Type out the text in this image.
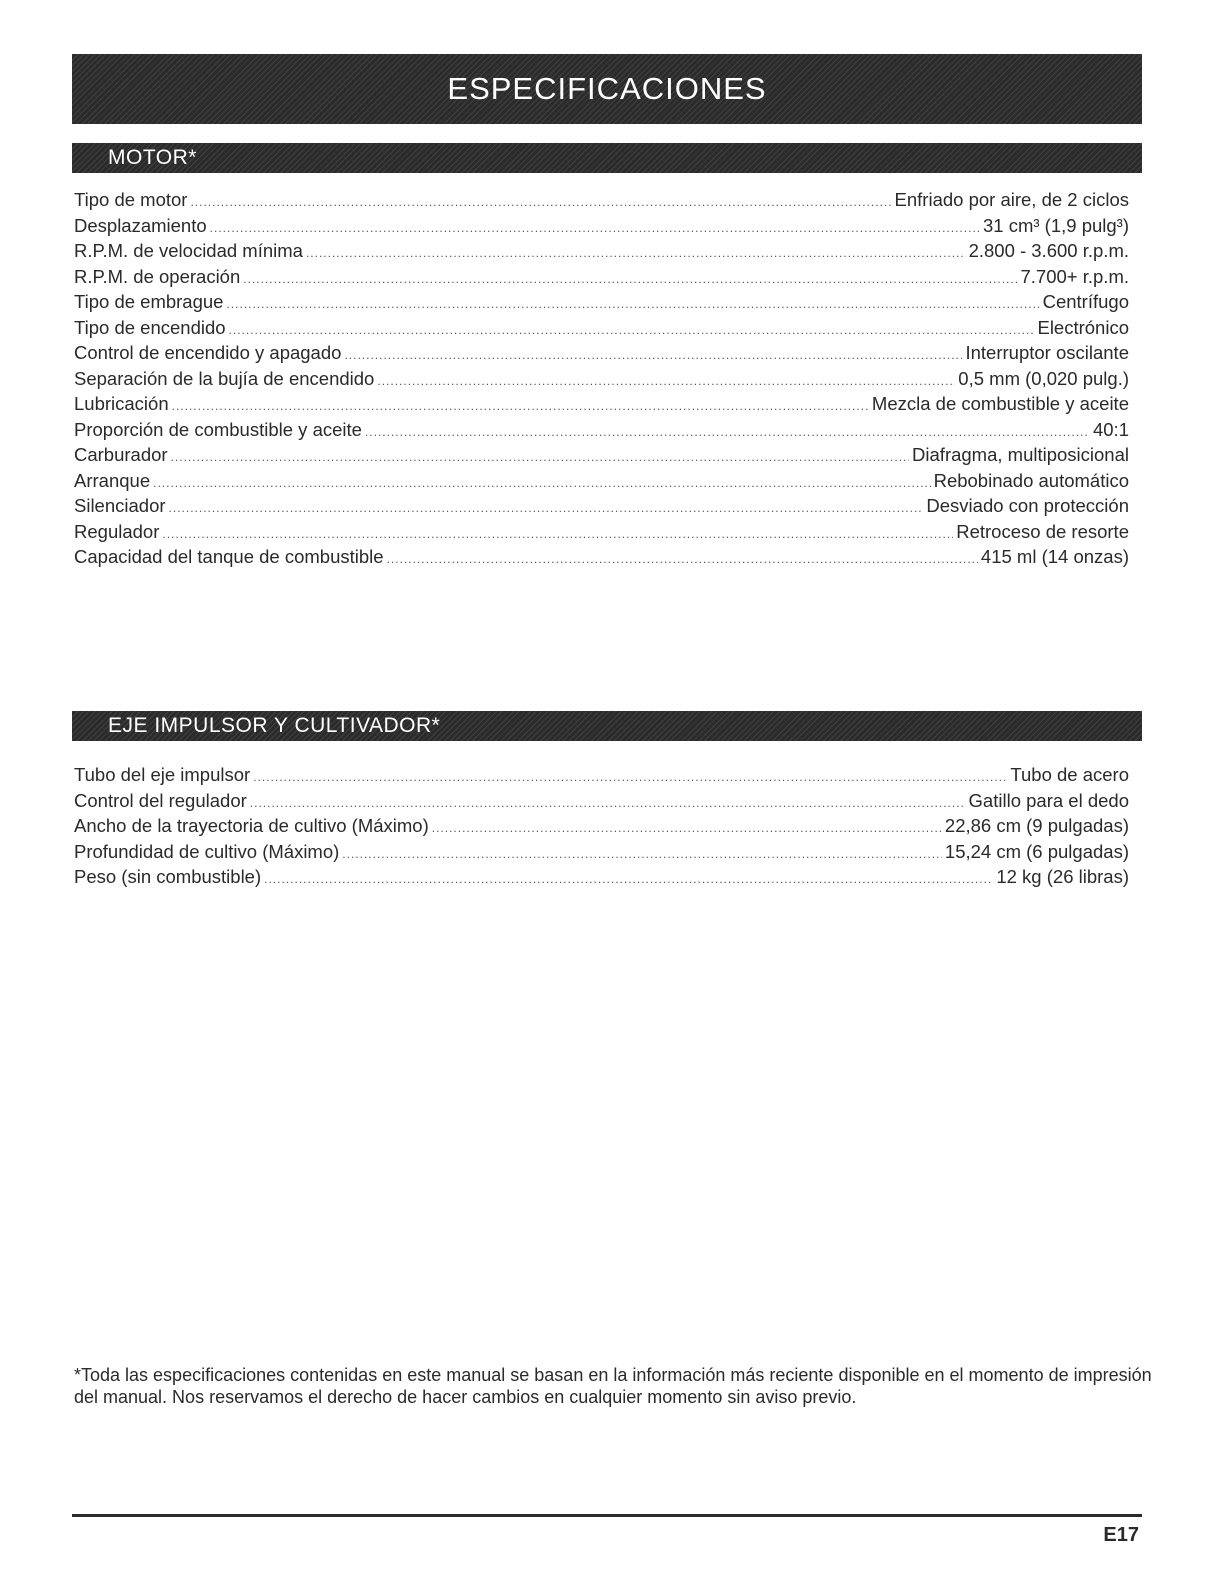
ESPECIFICACIONES
MOTOR*
Tipo de motor .....	Enfriado por aire, de 2 ciclos
Desplazamiento .....	31 cm³ (1,9 pulg³)
R.P.M. de velocidad mínima .....	2.800 - 3.600 r.p.m.
R.P.M. de operación .....	7.700+ r.p.m.
Tipo de embrague .....	Centrífugo
Tipo de encendido .....	Electrónico
Control de encendido y apagado .....	Interruptor oscilante
Separación de la bujía de encendido .....	0,5 mm (0,020 pulg.)
Lubricación .....	Mezcla de combustible y aceite
Proporción de combustible y aceite .....	40:1
Carburador .....	Diafragma, multiposicional
Arranque .....	Rebobinado automático
Silenciador .....	Desviado con protección
Regulador .....	Retroceso de resorte
Capacidad del tanque de combustible .....	415 ml (14 onzas)
EJE IMPULSOR Y CULTIVADOR*
Tubo del eje impulsor .....	Tubo de acero
Control del regulador .....	Gatillo para el dedo
Ancho de la trayectoria de cultivo (Máximo) .....	22,86 cm (9 pulgadas)
Profundidad de cultivo (Máximo) .....	15,24 cm (6 pulgadas)
Peso (sin combustible) .....	12 kg (26 libras)
*Toda las especificaciones contenidas en este manual se basan en la información más reciente disponible en el momento de impresión del manual. Nos reservamos el derecho de hacer cambios en cualquier momento sin aviso previo.
E17
